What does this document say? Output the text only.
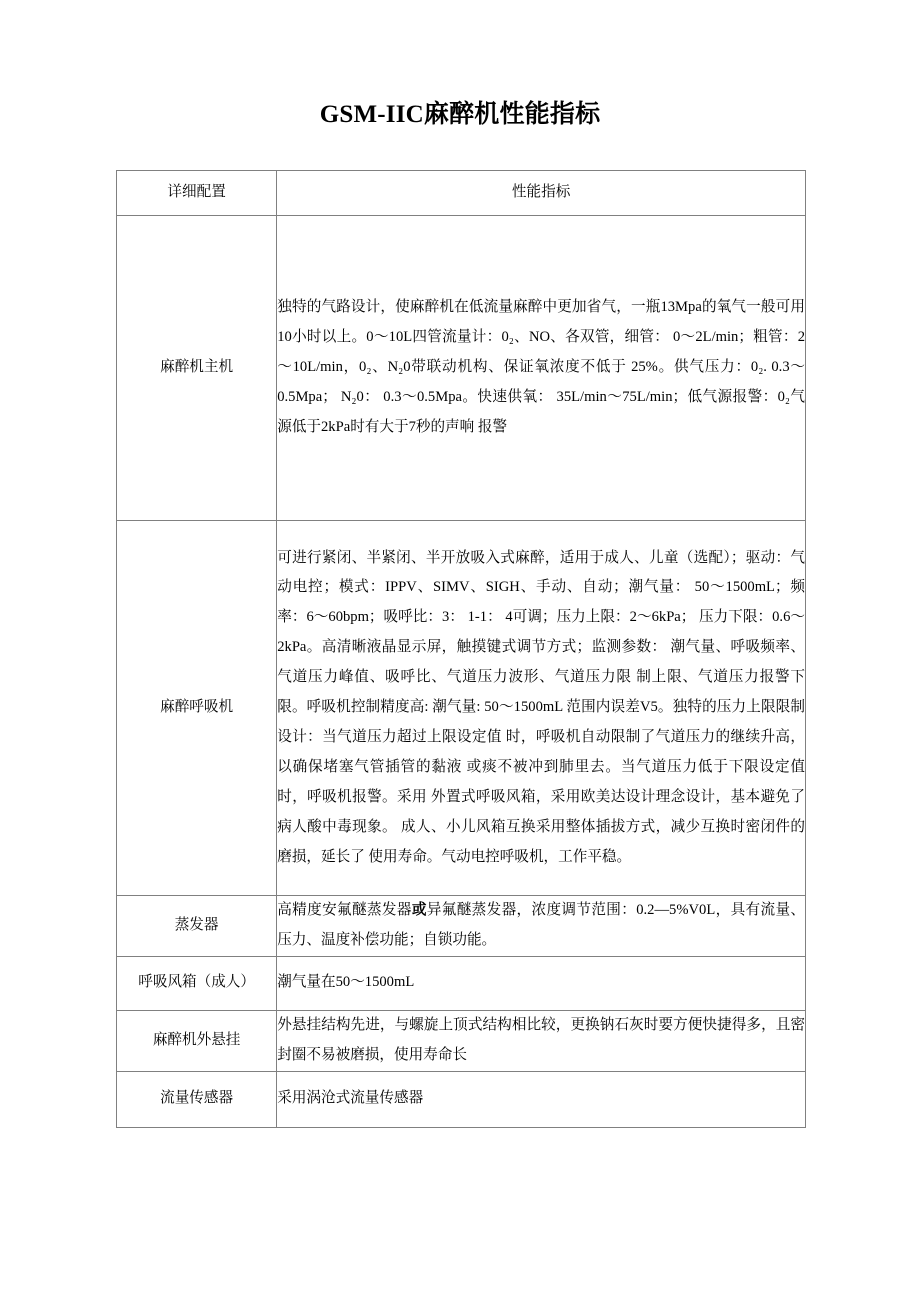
GSM-IIC麻醉机性能指标
详细配置	性能指标
麻醉机主机	独特的气路设计，使麻醉机在低流量麻醉中更加省气，一瓶13Mpa的氧气一般可用10小时以上。0～10L四管流量计：0₂、NO、各双管，细管： 0～2L/min；粗管：2～10L/min，0₂、N₂0带联动机构、保证氧浓度不低于 25%。供气压力：0₂. 0.3～0.5Mpa； N₂0： 0.3～0.5Mpa。快速供氧： 35L/min～75L/min；低气源报警：0₂气源低于2kPa时有大于7秒的声响 报警
麻醉呼吸机	可进行紧闭、半紧闭、半开放吸入式麻醉，适用于成人、儿童（选配）；驱动：气动电控；模式：IPPV、SIMV、SIGH、手动、自动；潮气量： 50～1500mL；频率：6～60bpm；吸呼比：3： 1-1： 4可调；压力上限：2～6kPa； 压力下限：0.6～2kPa。高清晰液晶显示屏，触摸键式调节方式；监测参数： 潮气量、呼吸频率、气道压力峰值、吸呼比、气道压力波形、气道压力限 制上限、气道压力报警下限。呼吸机控制精度高: 潮气量: 50～1500mL 范围内误差V5。独特的压力上限限制设计：当气道压力超过上限设定值 时，呼吸机自动限制了气道压力的继续升高，以确保堵塞气管插管的黏液 或痰不被冲到肺里去。当气道压力低于下限设定值时，呼吸机报警。采用 外置式呼吸风箱，采用欧美达设计理念设计，基本避免了病人酸中毒现象。 成人、小儿风箱互换采用整体插拔方式，减少互换时密闭件的磨损，延长了 使用寿命。气动电控呼吸机，工作平稳。
蒸发器	高精度安氟醚蒸发器或异氟醚蒸发器，浓度调节范围：0.2—5%V0L，具有流量、压力、温度补偿功能；自锁功能。
呼吸风箱（成人）	潮气量在50～1500mL
麻醉机外悬挂	外悬挂结构先进，与螺旋上顶式结构相比较，更换钠石灰时要方便快捷得多，且密封圈不易被磨损，使用寿命长
流量传感器	采用涡沧式流量传感器
